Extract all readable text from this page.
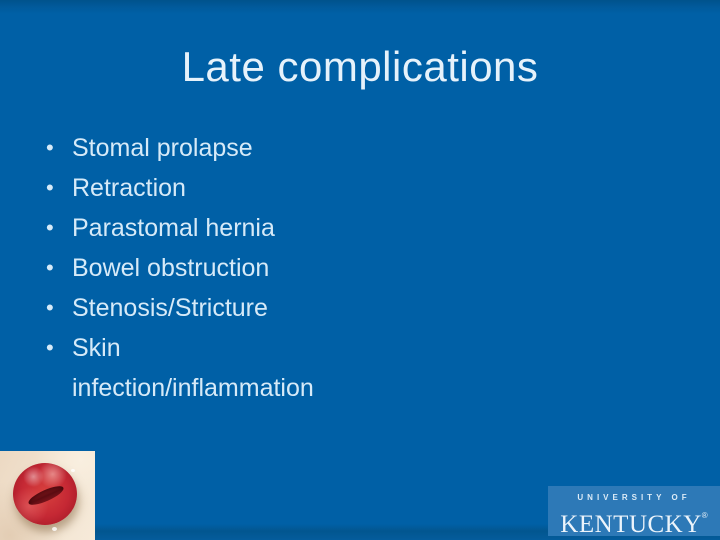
Late complications
• Stomal prolapse
• Retraction
• Parastomal hernia
• Bowel obstruction
• Stenosis/Stricture
• Skin infection/inflammation
UNIVERSITY OF
KENTUCKY®
